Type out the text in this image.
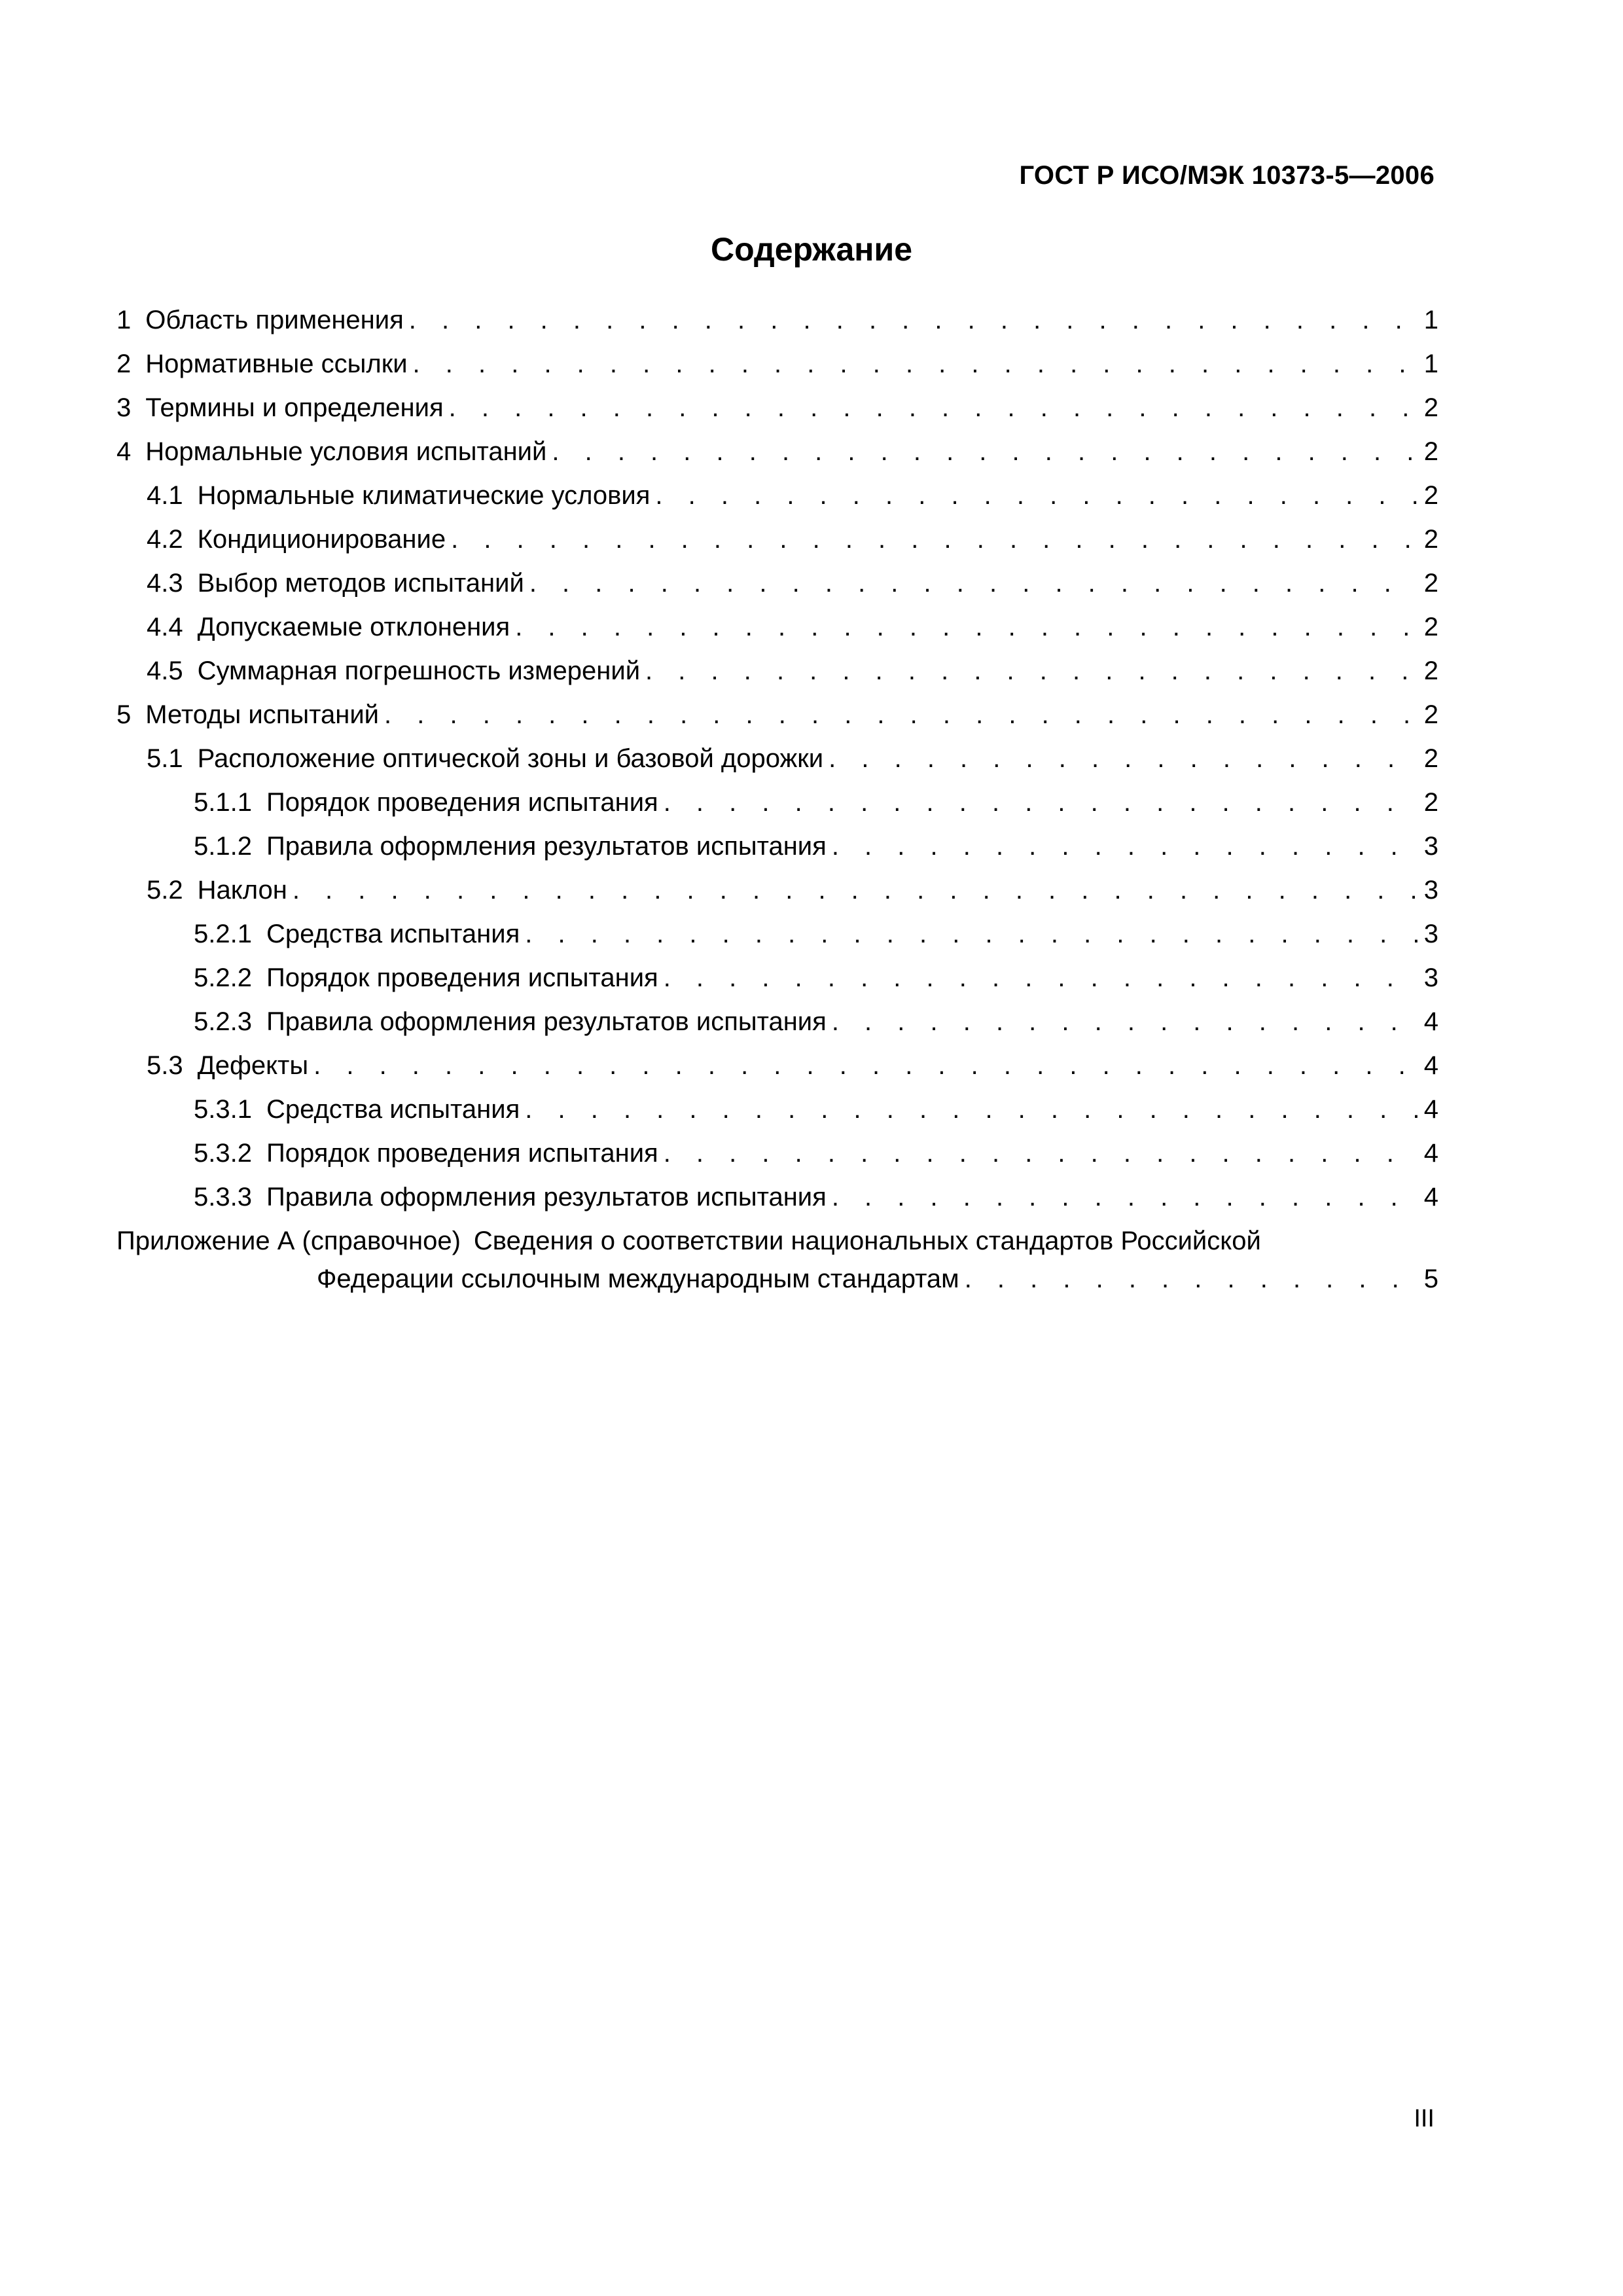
ГОСТ Р ИСО/МЭК 10373-5—2006
Содержание
1 Область применения . . .	1
2 Нормативные ссылки . . .	1
3 Термины и определения . . .	2
4 Нормальные условия испытаний . . .	2
4.1 Нормальные климатические условия . . .	2
4.2 Кондиционирование . . .	2
4.3 Выбор методов испытаний . . .	2
4.4 Допускаемые отклонения . . .	2
4.5 Суммарная погрешность измерений . . .	2
5 Методы испытаний . . .	2
5.1 Расположение оптической зоны и базовой дорожки . . .	2
5.1.1 Порядок проведения испытания . . .	2
5.1.2 Правила оформления результатов испытания . . .	3
5.2 Наклон . . .	3
5.2.1 Средства испытания . . .	3
5.2.2 Порядок проведения испытания . . .	3
5.2.3 Правила оформления результатов испытания . . .	4
5.3 Дефекты . . .	4
5.3.1 Средства испытания . . .	4
5.3.2 Порядок проведения испытания . . .	4
5.3.3 Правила оформления результатов испытания . . .	4
Приложение А (справочное) Сведения о соответствии национальных стандартов Российской
Федерации ссылочным международным стандартам . . .	5
III
